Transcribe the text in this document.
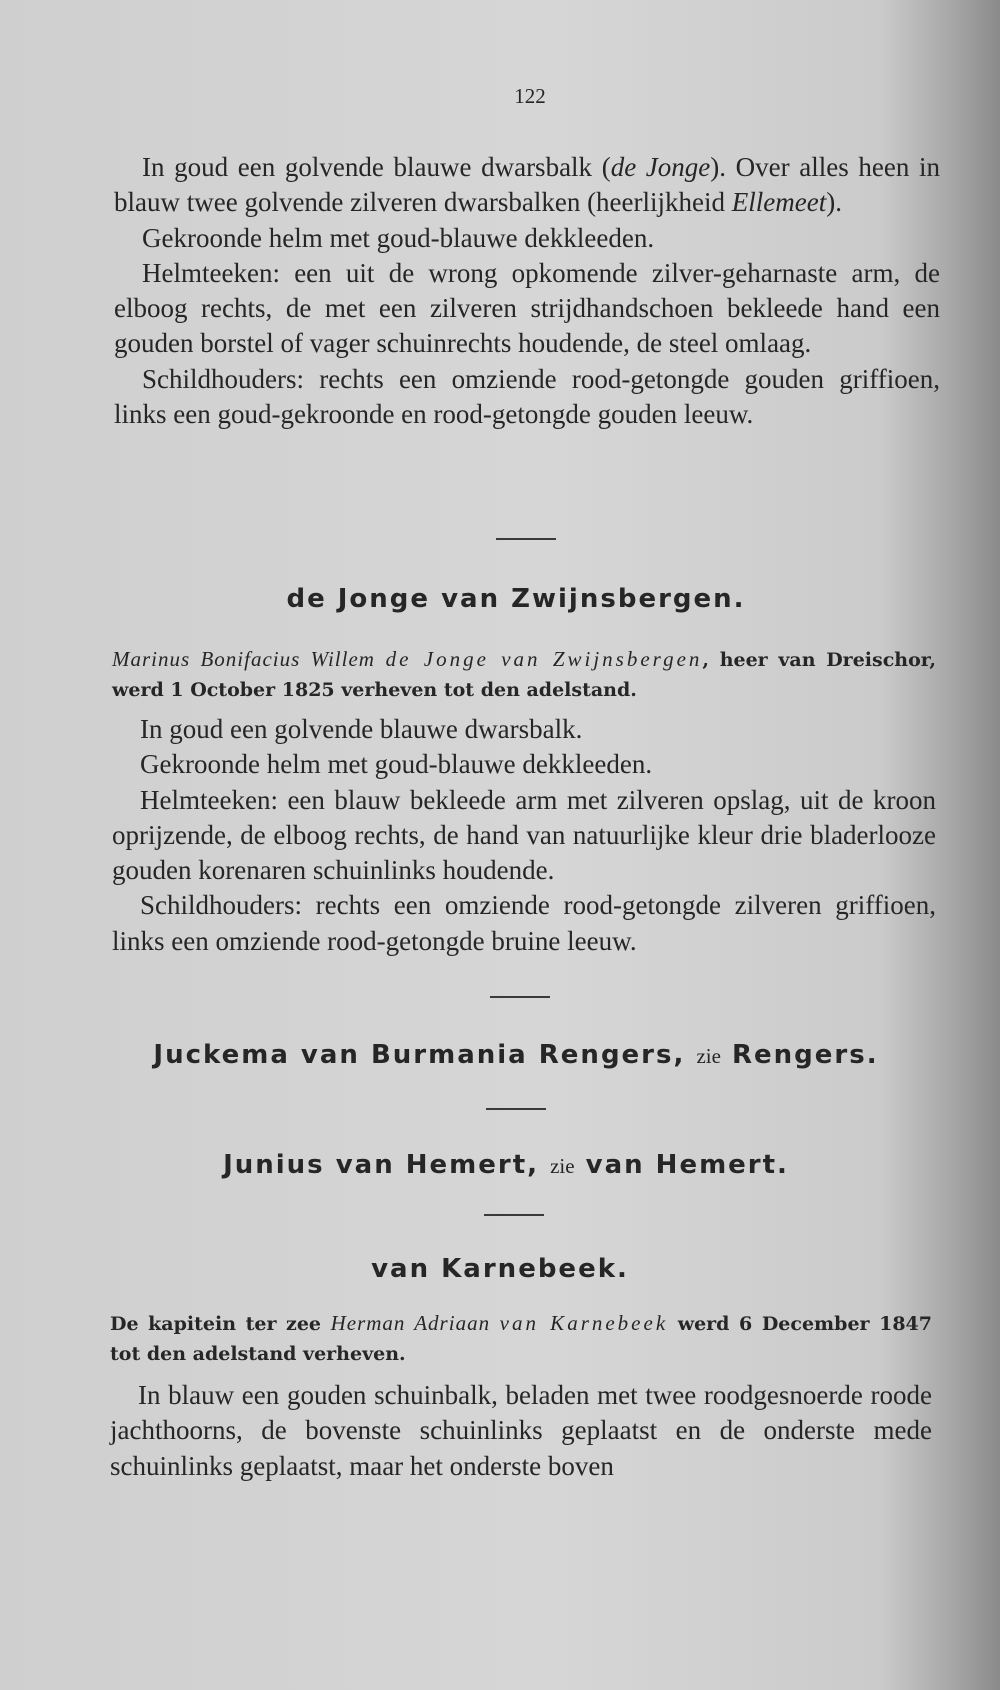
122

In goud een golvende blauwe dwarsbalk (de Jonge). Over alles heen in blauw twee golvende zilveren dwarsbalken (heerlijkheid Ellemeet).

Gekroonde helm met goud-blauwe dekkleeden.

Helmteeken: een uit de wrong opkomende zilver-geharnaste arm, de elboog rechts, de met een zilveren strijdhandschoen bekleede hand een gouden borstel of vager schuinrechts houdende, de steel omlaag.

Schildhouders: rechts een omziende rood-getongde gouden griffioen, links een goud-gekroonde en rood-getongde gouden leeuw.

de Jonge van Zwijnsbergen.
Marinus Bonifacius Willem de Jonge van Zwijnsbergen, heer van Dreischor, werd 1 October 1825 verheven tot den adelstand.

In goud een golvende blauwe dwarsbalk.

Gekroonde helm met goud-blauwe dekkleeden.

Helmteeken: een blauw bekleede arm met zilveren opslag, uit de kroon oprijzende, de elboog rechts, de hand van natuurlijke kleur drie bladerlooze gouden korenaren schuinlinks houdende.

Schildhouders: rechts een omziende rood-getongde zilveren griffioen, links een omziende rood-getongde bruine leeuw.

Juckema van Burmania Rengers, zie Rengers.
Junius van Hemert, zie van Hemert.
van Karnebeek.
De kapitein ter zee Herman Adriaan van Karnebeek werd 6 December 1847 tot den adelstand verheven.

In blauw een gouden schuinbalk, beladen met twee roodgesnoerde roode jachthoorns, de bovenste schuinlinks geplaatst en de onderste mede schuinlinks geplaatst, maar het onderste boven
